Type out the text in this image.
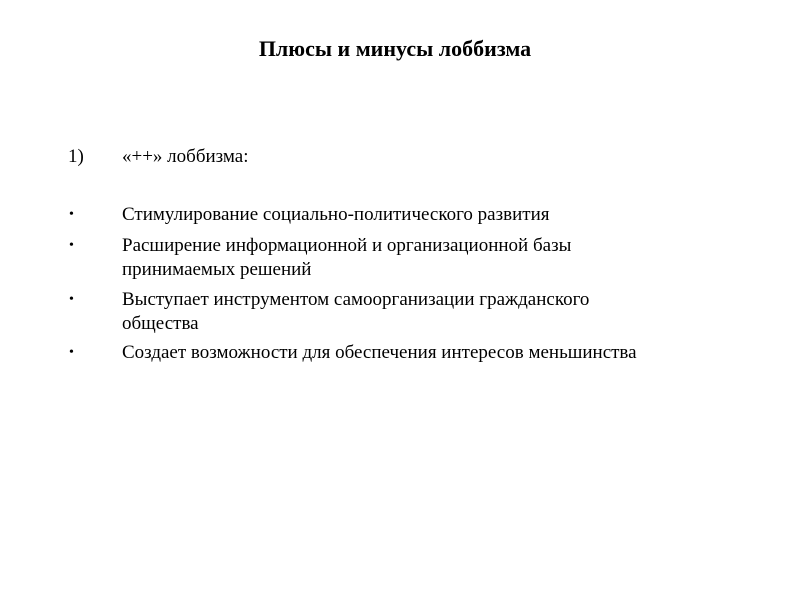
Плюсы и минусы лоббизма
1) «++» лоббизма:
•	Стимулирование социально-политического развития
•	Расширение информационной и организационной базы
принимаемых решений
•	Выступает инструментом самоорганизации гражданского
общества
•	Создает возможности для обеспечения интересов меньшинства
